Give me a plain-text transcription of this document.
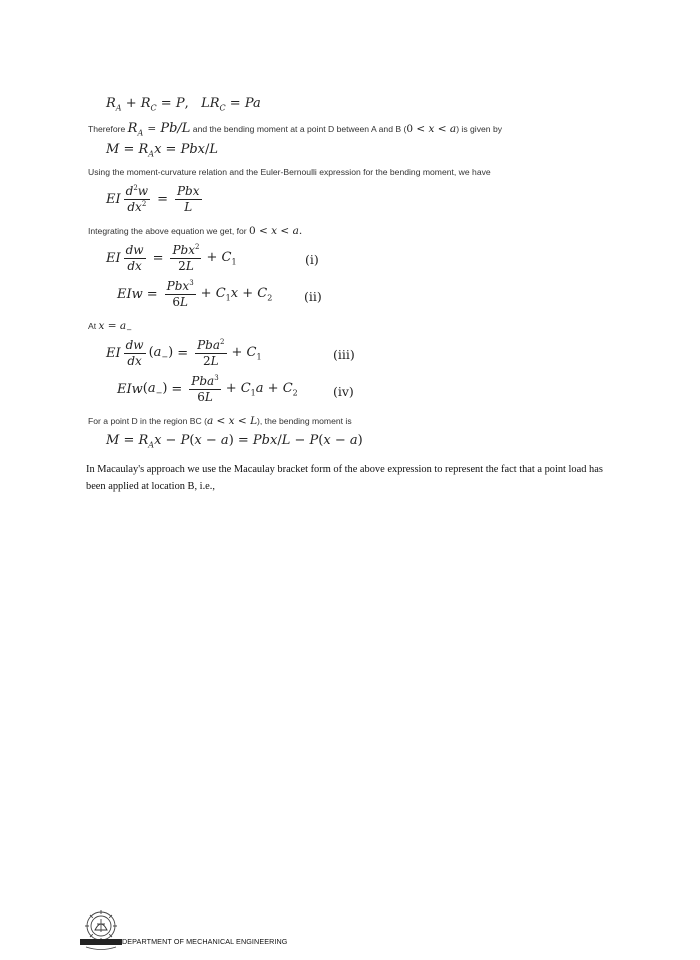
$R_A + R_C = P$,   $LR_C = Pa$
Therefore $R_A = Pb/L$ and the bending moment at a point D between A and B (0 < x < a) is given by
$M = R_Ax = Pbx/L$
Using the moment-curvature relation and the Euler-Bernoulli expression for the bending moment, we have
EI $\frac{d^2w}{dx^2} = \frac{\text{Pbx}}{L}$
Integrating the above equation we get, for 0 < x < a.
EI $\frac{dw}{dx} = \frac{Pbx^2}{2L} + C_1$	(i)
EIw = $\frac{Pbx^3}{6L} + C_1x + C_2$	(ii)
At $x = a_-$
EI $\frac{dw}{dx} (a_-) = \frac{Pba^2}{2L} + C_1$	(iii)
EIw $(a_-) = \frac{Pba^3}{6L} + C_1a + C_2$	(iv)
For a point D in the region BC (a < x < L), the bending moment is
$M = R_Ax - P(x - a) = Pbx/L - P(x - a)$
In Macaulay's approach we use the Macaulay bracket form of the above expression to represent the fact that a point load has been applied at location B, i.e.,
DEPARTMENT OF MECHANICAL ENGINEERING
